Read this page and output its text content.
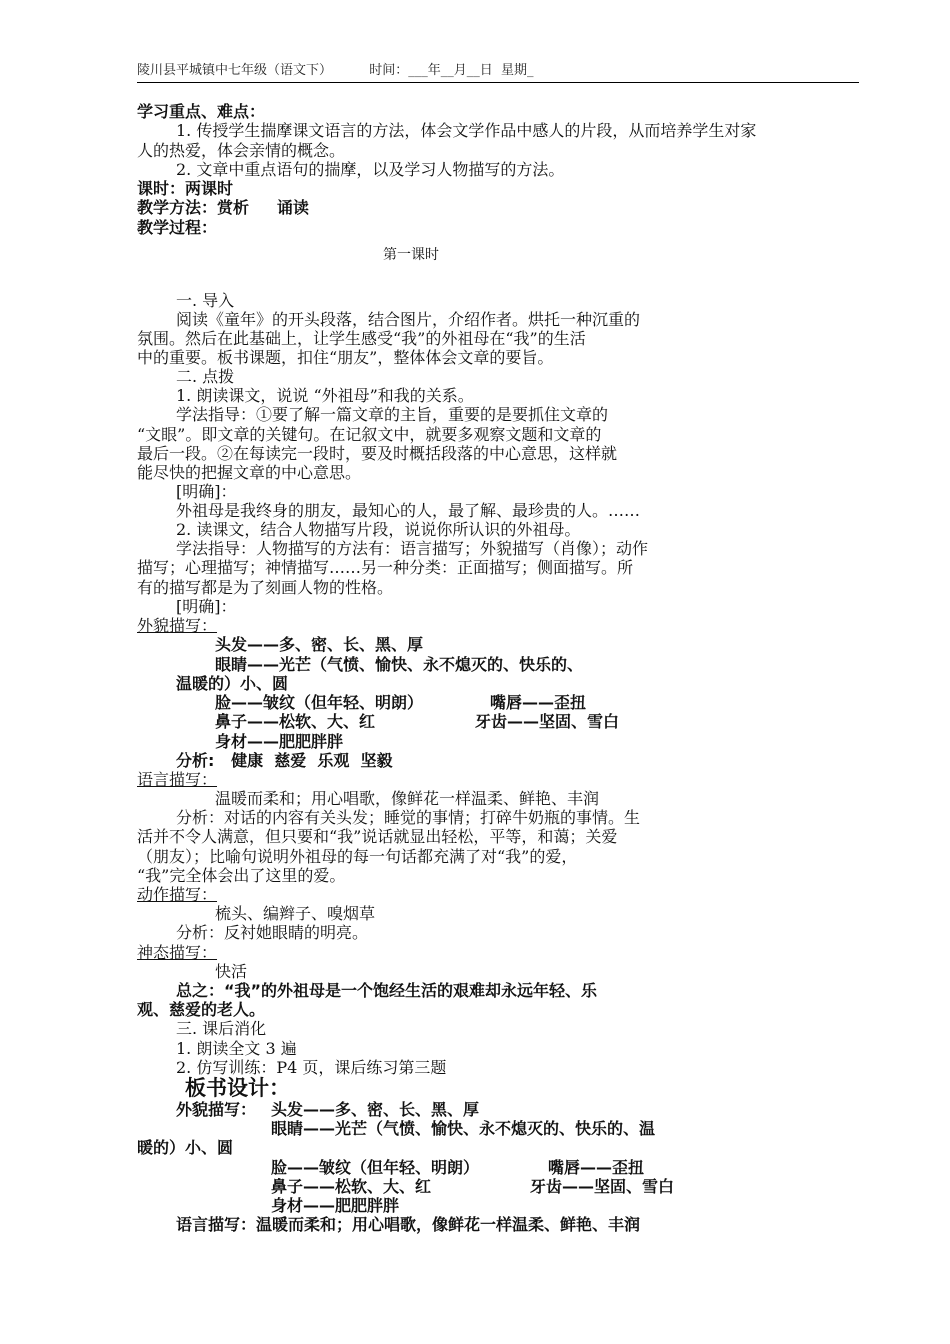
陵川县平城镇中七年级（语文下）	时间：___年__月__日  星期_
学习重点、难点：
1. 传授学生揣摩课文语言的方法，体会文学作品中感人的片段，从而培养学生对家
人的热爱，体会亲情的概念。
2. 文章中重点语句的揣摩，以及学习人物描写的方法。
课时：两课时
教学方法：赏析 诵读
教学过程：
第一课时
一. 导入
阅读《童年》的开头段落，结合图片，介绍作者。烘托一种沉重的
氛围。然后在此基础上，让学生感受“我”的外祖母在“我”的生活
中的重要。板书课题，扣住“朋友”，整体体会文章的要旨。
二. 点拨
1. 朗读课文，说说 “外祖母”和我的关系。
学法指导：①要了解一篇文章的主旨，重要的是要抓住文章的
“文眼”。即文章的关键句。在记叙文中，就要多观察文题和文章的
最后一段。②在每读完一段时，要及时概括段落的中心意思，这样就
能尽快的把握文章的中心意思。
[明确]：
外祖母是我终身的朋友，最知心的人，最了解、最珍贵的人。……
2. 读课文，结合人物描写片段，说说你所认识的外祖母。
学法指导：人物描写的方法有：语言描写；外貌描写（肖像）；动作
描写；心理描写；神情描写……另一种分类：正面描写；侧面描写。所
有的描写都是为了刻画人物的性格。
[明确]：
外貌描写：
头发——多、密、长、黑、厚
眼睛——光芒（气愤、愉快、永不熄灭的、快乐的、
温暖的）小、圆
脸——皱纹（但年轻、明朗）	嘴唇——歪扭
鼻子——松软、大、红	牙齿——坚固、雪白
身材——肥肥胖胖
分析: 健康  慈爱  乐观  坚毅
语言描写：
温暖而柔和；用心唱歌，像鲜花一样温柔、鲜艳、丰润
分析：对话的内容有关头发；睡觉的事情；打碎牛奶瓶的事情。生
活并不令人满意，但只要和“我”说话就显出轻松，平等，和蔼；关爱
（朋友）；比喻句说明外祖母的每一句话都充满了对“我”的爱，
“我”完全体会出了这里的爱。
动作描写：
梳头、编辫子、嗅烟草
分析：反衬她眼睛的明亮。
神态描写：
快活
总之：“我”的外祖母是一个饱经生活的艰难却永远年轻、乐
观、慈爱的老人。
三. 课后消化
1. 朗读全文 3 遍
2. 仿写训练：P4 页，课后练习第三题
板书设计：
外貌描写： 头发——多、密、长、黑、厚
眼睛——光芒（气愤、愉快、永不熄灭的、快乐的、温
暖的）小、圆
脸——皱纹（但年轻、明朗）	嘴唇——歪扭
鼻子——松软、大、红	牙齿——坚固、雪白
身材——肥肥胖胖
语言描写：温暖而柔和；用心唱歌，像鲜花一样温柔、鲜艳、丰润
